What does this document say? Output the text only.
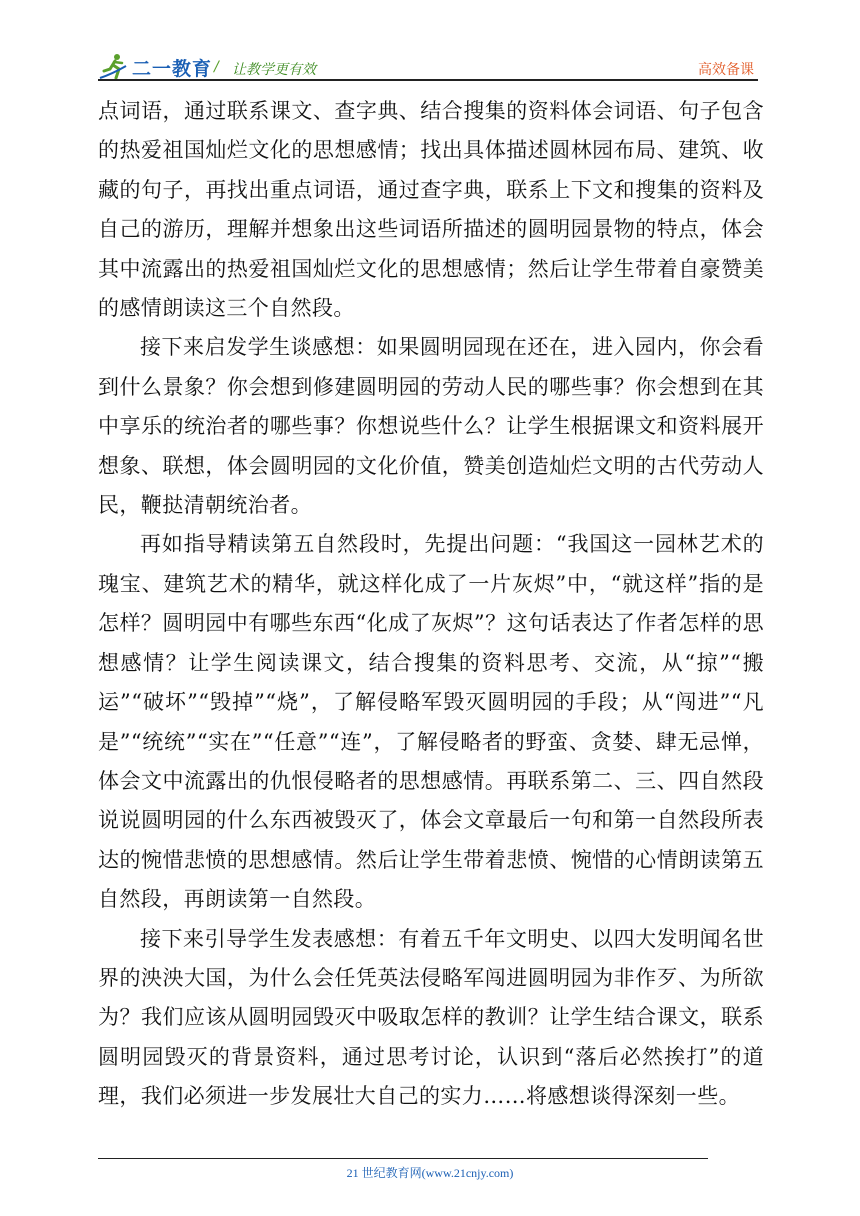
二一教育 / 让教学更有效	高效备课

点词语，通过联系课文、查字典、结合搜集的资料体会词语、句子包含的热爱祖国灿烂文化的思想感情；找出具体描述圆林园布局、建筑、收藏的句子，再找出重点词语，通过查字典，联系上下文和搜集的资料及自己的游历，理解并想象出这些词语所描述的圆明园景物的特点，体会其中流露出的热爱祖国灿烂文化的思想感情；然后让学生带着自豪赞美的感情朗读这三个自然段。

接下来启发学生谈感想：如果圆明园现在还在，进入园内，你会看到什么景象？你会想到修建圆明园的劳动人民的哪些事？你会想到在其中享乐的统治者的哪些事？你想说些什么？让学生根据课文和资料展开想象、联想，体会圆明园的文化价值，赞美创造灿烂文明的古代劳动人民，鞭挞清朝统治者。

再如指导精读第五自然段时，先提出问题：“我国这一园林艺术的瑰宝、建筑艺术的精华，就这样化成了一片灰烬”中，“就这样”指的是怎样？圆明园中有哪些东西“化成了灰烬”？这句话表达了作者怎样的思想感情？让学生阅读课文，结合搜集的资料思考、交流，从“掠”“搬运”“破坏”“毁掉”“烧”，了解侵略军毁灭圆明园的手段；从“闯进”“凡是”“统统”“实在”“任意”“连”，了解侵略者的野蛮、贪婪、肆无忌惮，体会文中流露出的仇恨侵略者的思想感情。再联系第二、三、四自然段说说圆明园的什么东西被毁灭了，体会文章最后一句和第一自然段所表达的惋惜悲愤的思想感情。然后让学生带着悲愤、惋惜的心情朗读第五自然段，再朗读第一自然段。

接下来引导学生发表感想：有着五千年文明史、以四大发明闻名世界的泱泱大国，为什么会任凭英法侵略军闯进圆明园为非作歹、为所欲为？我们应该从圆明园毁灭中吸取怎样的教训？让学生结合课文，联系圆明园毁灭的背景资料，通过思考讨论，认识到“落后必然挨打”的道理，我们必须进一步发展壮大自己的实力……将感想谈得深刻一些。

21 世纪教育网(www.21cnjy.com)
